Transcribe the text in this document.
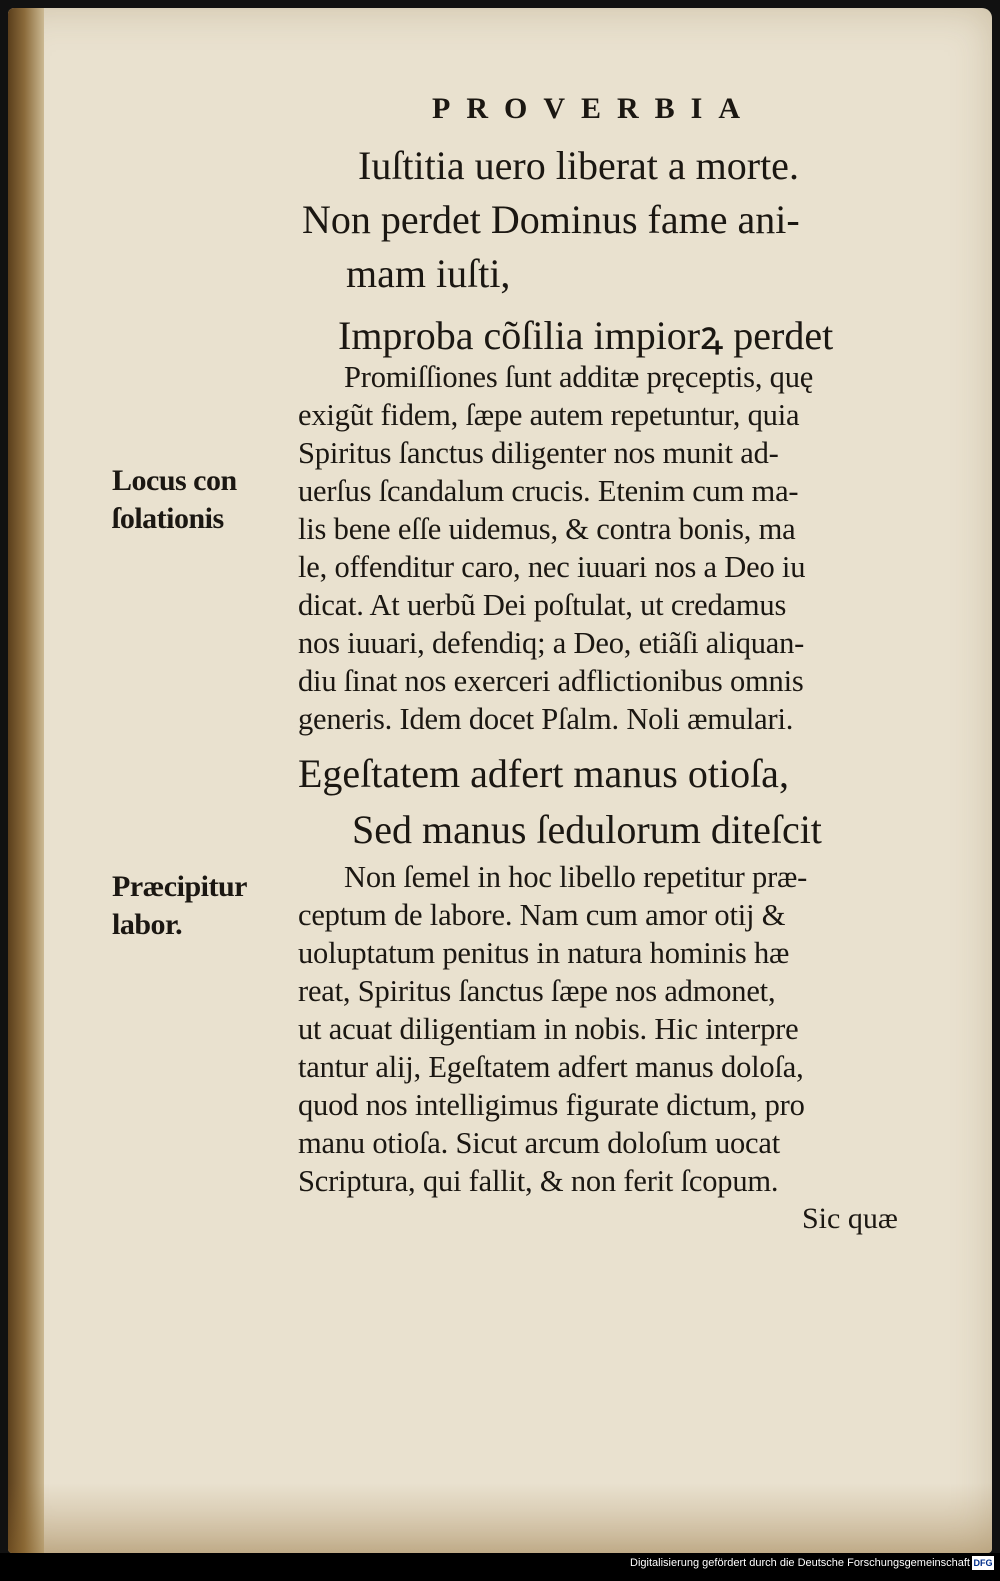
PROVERBIA
Iuſtitia uero liberat a morte.
Non perdet Dominus fame ani-
mam iuſti,
Improba cõſilia impiorꝝ perdet
Promiſſiones ſunt additæ pręceptis, quę
exigũt fidem, ſæpe autem repetuntur, quia
Spiritus ſanctus diligenter nos munit ad-
uerſus ſcandalum crucis. Etenim cum ma-
lis bene eſſe uidemus, & contra bonis, ma
le, offenditur caro, nec iuuari nos a Deo iu
dicat. At uerbũ Dei poſtulat, ut credamus
nos iuuari, defendiq; a Deo, etiãſi aliquan-
diu ſinat nos exerceri adflictionibus omnis
generis. Idem docet Pſalm. Noli æmulari.
Egeſtatem adfert manus otioſa,
Sed manus ſedulorum diteſcit
Non ſemel in hoc libello repetitur præ-
ceptum de labore. Nam cum amor otij &
uoluptatum penitus in natura hominis hæ
reat, Spiritus ſanctus ſæpe nos admonet,
ut acuat diligentiam in nobis. Hic interpre
tantur alij, Egeſtatem adfert manus doloſa,
quod nos intelligimus figurate dictum, pro
manu otioſa. Sicut arcum doloſum uocat
Scriptura, qui fallit, & non ferit ſcopum.
Sic quæ
Locus con
ſolationis
Præcipitur
labor.
Digitalisierung gefördert durch die Deutsche Forschungsgemeinschaft DFG
